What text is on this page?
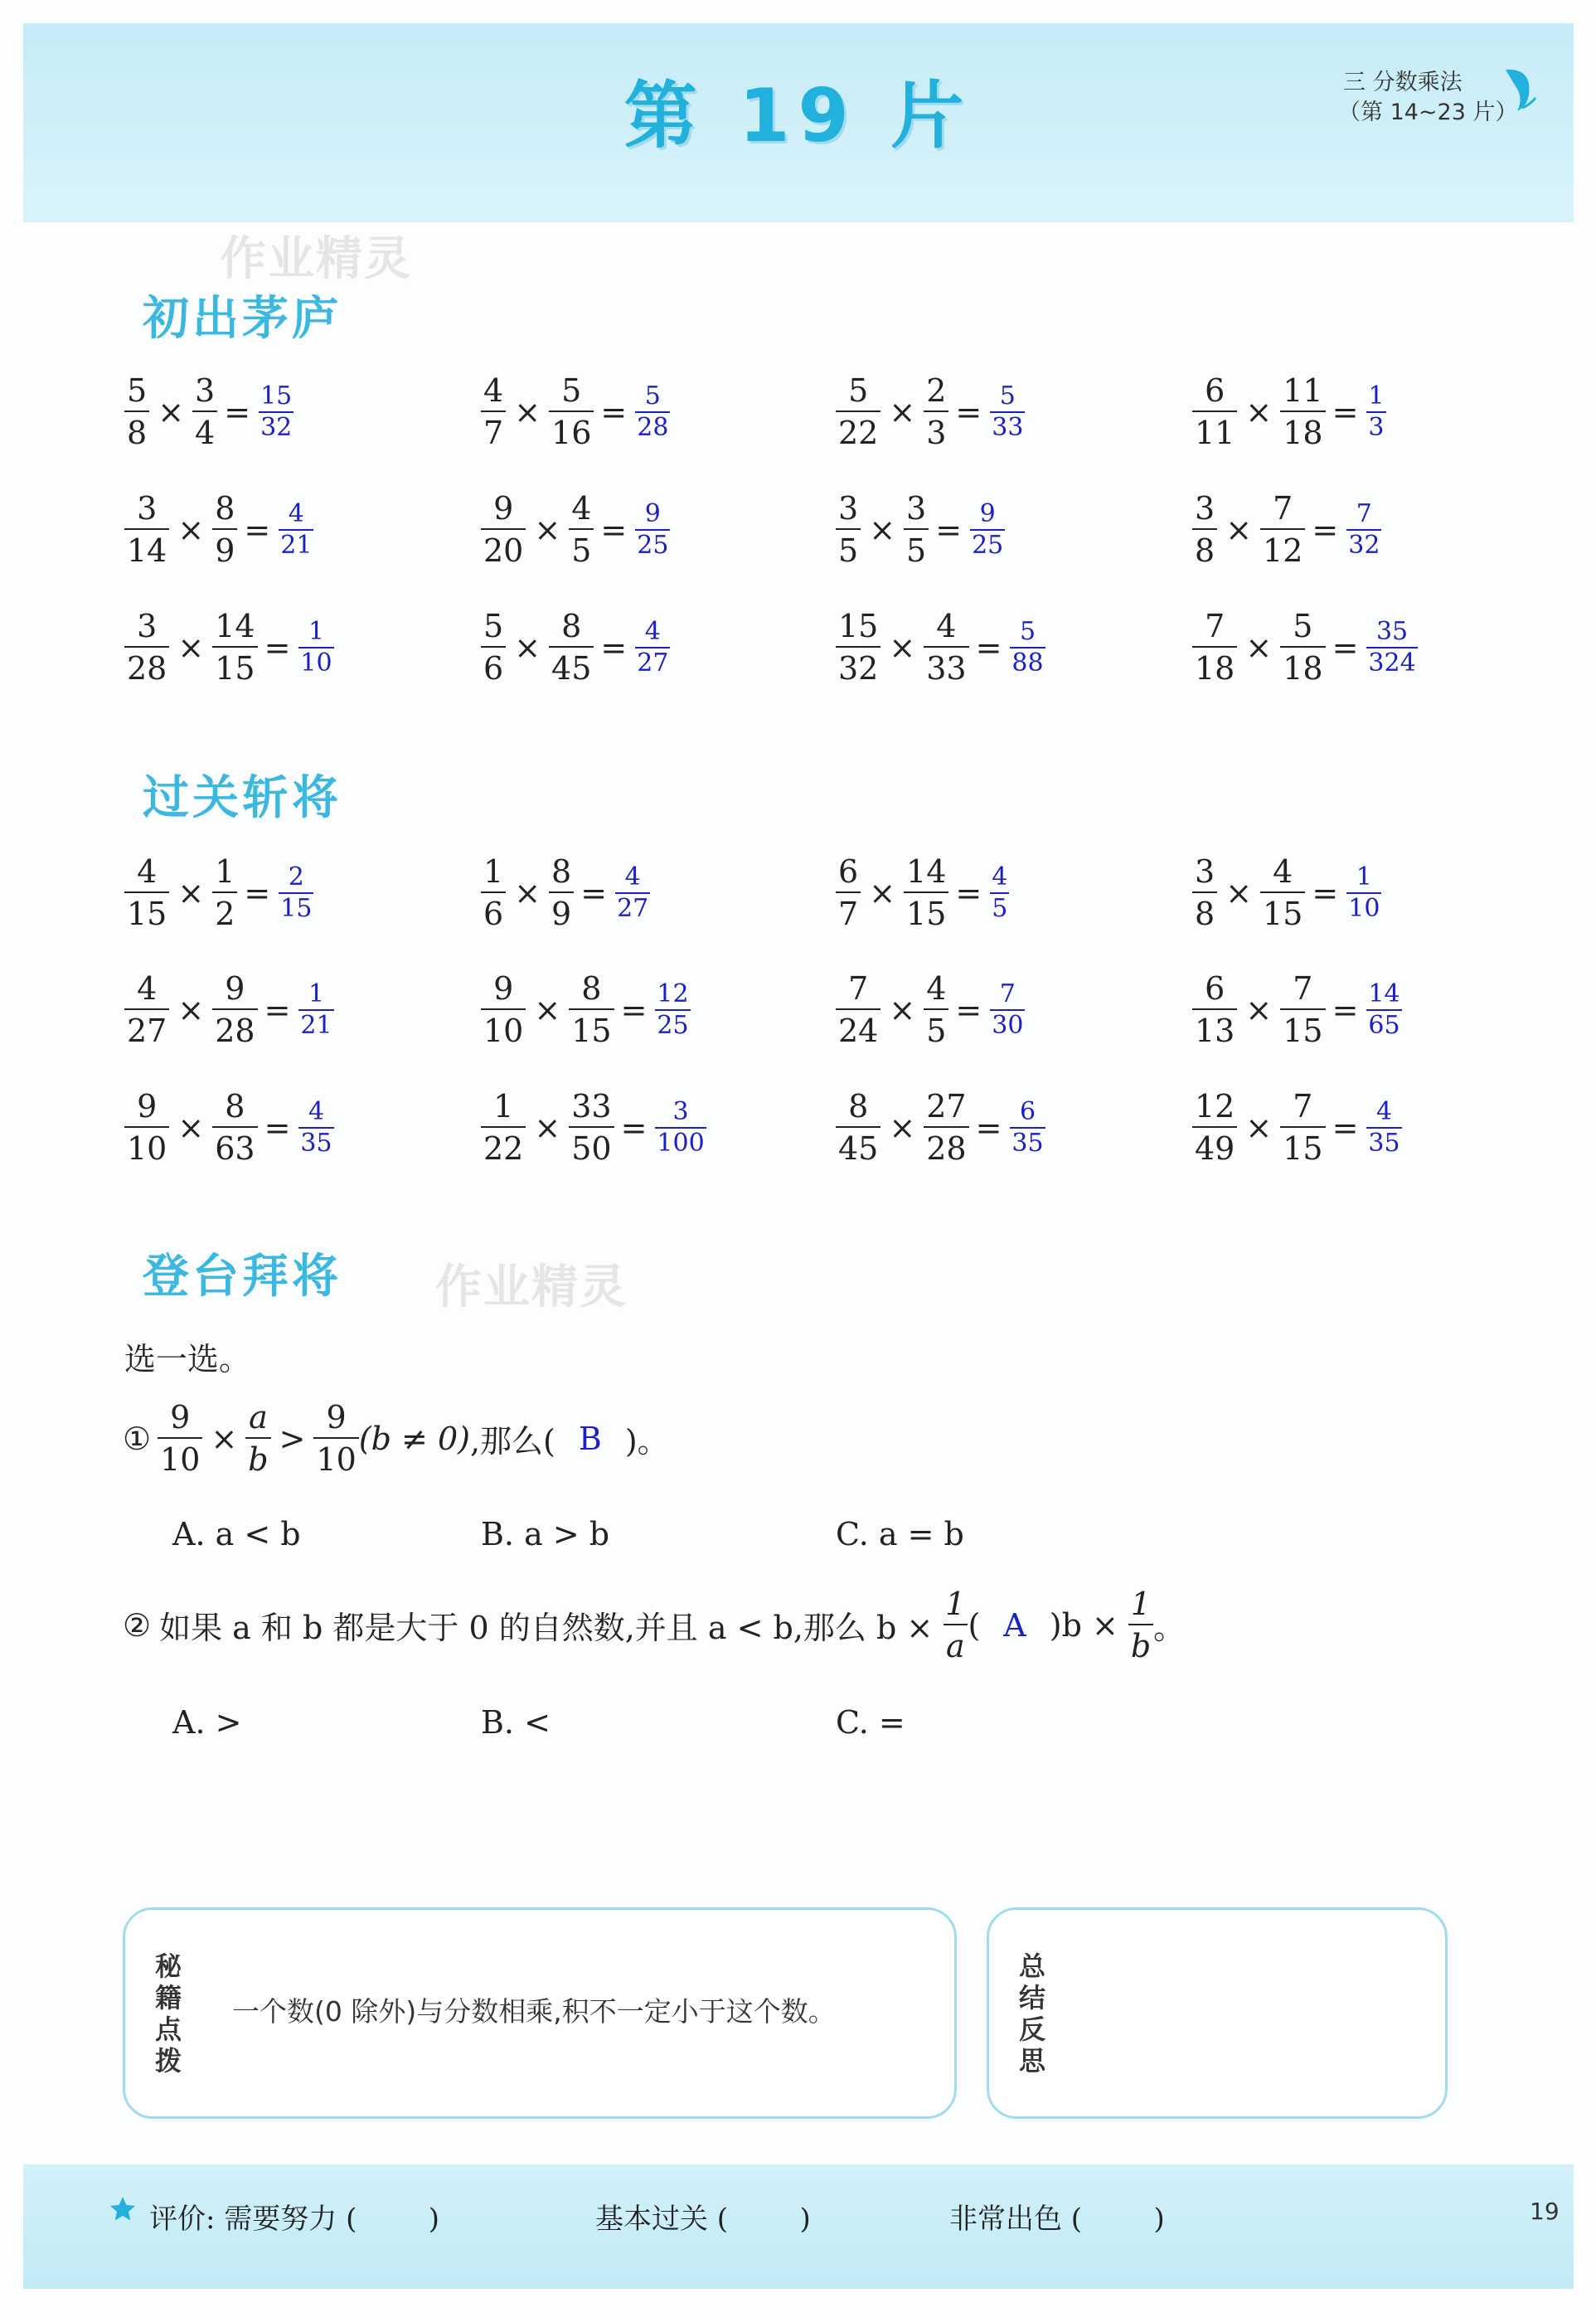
第 19 片	三 分数乘法
（第 14~23 片）
作业精灵
作业精灵
初出茅庐
过关斩将
登台拜将
$\frac{5}{8} \times \frac{3}{4} = \frac{15}{32}$	$\frac{4}{7} \times \frac{5}{16} = \frac{5}{28}$	$\frac{5}{22} \times \frac{2}{3} = \frac{5}{33}$	$\frac{6}{11} \times \frac{11}{18} = \frac{1}{3}$
$\frac{3}{14} \times \frac{8}{9} = \frac{4}{21}$	$\frac{9}{20} \times \frac{4}{5} = \frac{9}{25}$	$\frac{3}{5} \times \frac{3}{5} = \frac{9}{25}$	$\frac{3}{8} \times \frac{7}{12} = \frac{7}{32}$
$\frac{3}{28} \times \frac{14}{15} = \frac{1}{10}$	$\frac{5}{6} \times \frac{8}{45} = \frac{4}{27}$	$\frac{15}{32} \times \frac{4}{33} = \frac{5}{88}$	$\frac{7}{18} \times \frac{5}{18} = \frac{35}{324}$
$\frac{4}{15} \times \frac{1}{2} = \frac{2}{15}$	$\frac{1}{6} \times \frac{8}{9} = \frac{4}{27}$	$\frac{6}{7} \times \frac{14}{15} = \frac{4}{5}$	$\frac{3}{8} \times \frac{4}{15} = \frac{1}{10}$
$\frac{4}{27} \times \frac{9}{28} = \frac{1}{21}$	$\frac{9}{10} \times \frac{8}{15} = \frac{12}{25}$	$\frac{7}{24} \times \frac{4}{5} = \frac{7}{30}$	$\frac{6}{13} \times \frac{7}{15} = \frac{14}{65}$
$\frac{9}{10} \times \frac{8}{63} = \frac{4}{35}$	$\frac{1}{22} \times \frac{33}{50} = \frac{3}{100}$	$\frac{8}{45} \times \frac{27}{28} = \frac{6}{35}$	$\frac{12}{49} \times \frac{7}{15} = \frac{4}{35}$
选一选。
① $\frac{9}{10} \times \frac{a}{b} > \frac{9}{10} (b \ne 0)$ ,那么( B )。
A. a < b	B. a > b	C. a = b
② 如果 a 和 b 都是大于 0 的自然数,并且 a < b,那么 $b \times \frac{1}{a}$ ( A ) $b \times \frac{1}{b}$ 。
A. >	B. <	C. =
秘
籍
点
拨
一个数(0 除外)与分数相乘,积不一定小于这个数。
总
结
反
思
评价: 需要努力 (        )	基本过关 (        )	非常出色 (        )	19
